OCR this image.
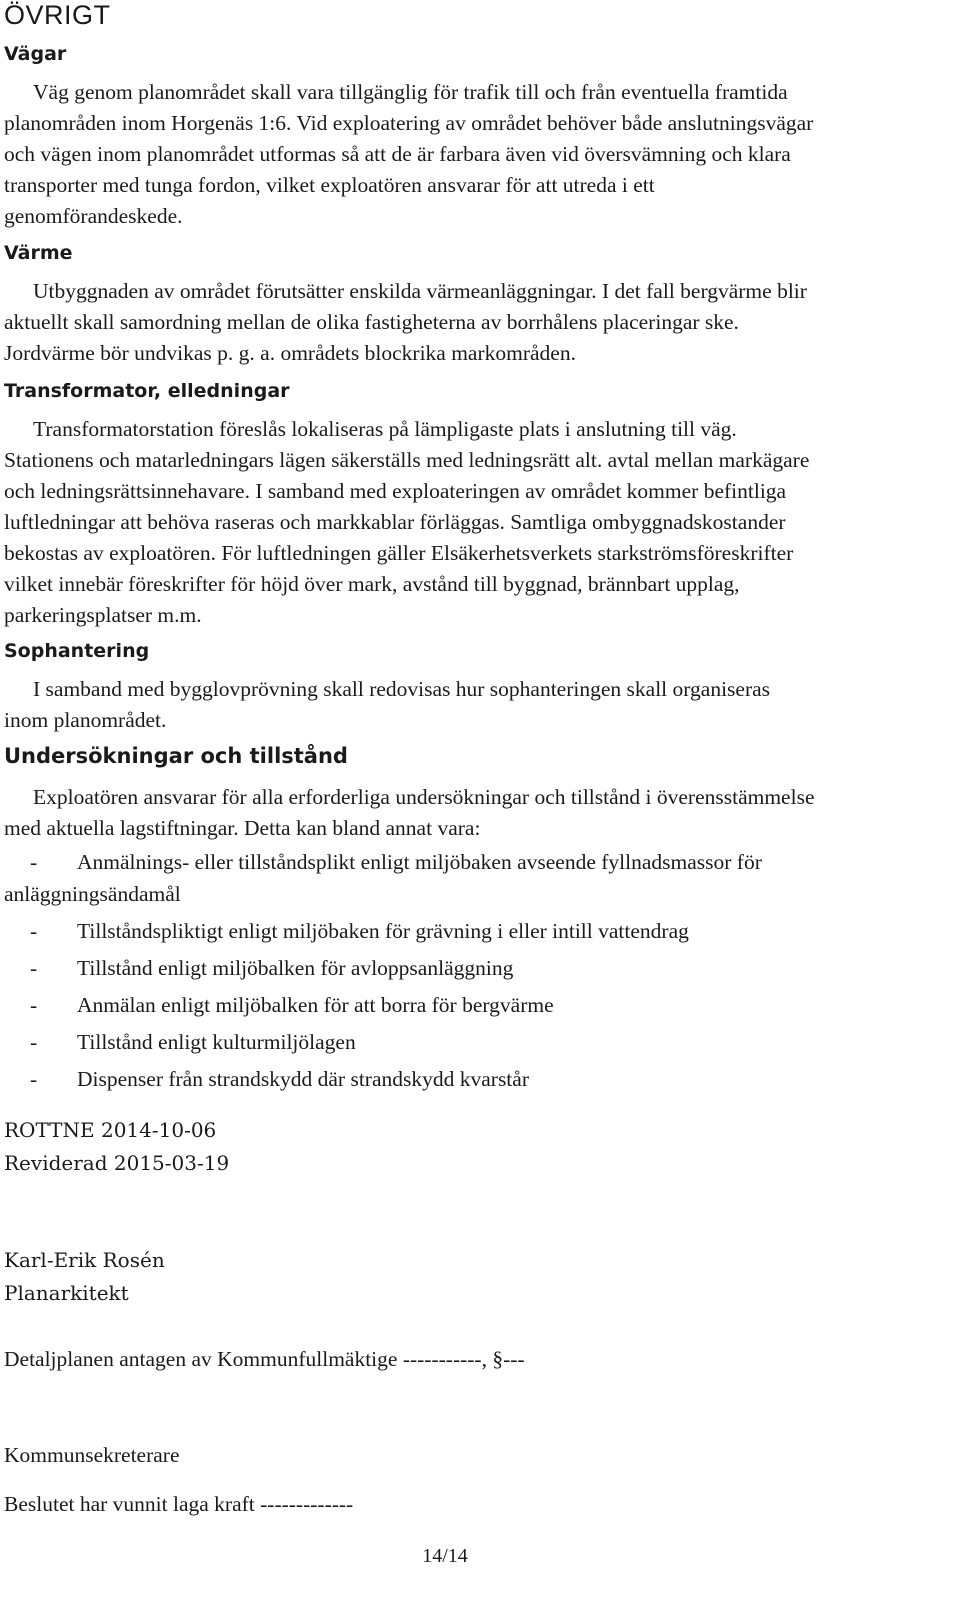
ÖVRIGT
Vägar
Väg genom planområdet skall vara tillgänglig för trafik till och från eventuella framtida
planområden inom Horgenäs 1:6. Vid exploatering av området behöver både anslutningsvägar
och vägen inom planområdet utformas så att de är farbara även vid översvämning och klara
transporter med tunga fordon, vilket exploatören ansvarar för att utreda i ett
genomförandeskede.
Värme
Utbyggnaden av området förutsätter enskilda värmeanläggningar. I det fall bergvärme blir
aktuellt skall samordning mellan de olika fastigheterna av borrhålens placeringar ske.
Jordvärme bör undvikas p. g. a. områdets blockrika markområden.
Transformator, elledningar
Transformatorstation föreslås lokaliseras på lämpligaste plats i anslutning till väg.
Stationens och matarledningars lägen säkerställs med ledningsrätt alt. avtal mellan markägare
och ledningsrättsinnehavare. I samband med exploateringen av området kommer befintliga
luftledningar att behöva raseras och markkablar förläggas. Samtliga ombyggnadskostander
bekostas av exploatören. För luftledningen gäller Elsäkerhetsverkets starkströmsföreskrifter
vilket innebär föreskrifter för höjd över mark, avstånd till byggnad, brännbart upplag,
parkeringsplatser m.m.
Sophantering
I samband med bygglovprövning skall redovisas hur sophanteringen skall organiseras
inom planområdet.
Undersökningar och tillstånd
Exploatören ansvarar för alla erforderliga undersökningar och tillstånd i överensstämmelse
med aktuella lagstiftningar. Detta kan bland annat vara:
- Anmälnings- eller tillståndsplikt enligt miljöbaken avseende fyllnadsmassor för
anläggningsändamål
- Tillståndspliktigt enligt miljöbaken för grävning i eller intill vattendrag
- Tillstånd enligt miljöbalken för avloppsanläggning
- Anmälan enligt miljöbalken för att borra för bergvärme
- Tillstånd enligt kulturmiljölagen
- Dispenser från strandskydd där strandskydd kvarstår
ROTTNE 2014-10-06
Reviderad 2015-03-19
Karl-Erik Rosén
Planarkitekt
Detaljplanen antagen av Kommunfullmäktige -----------, §---
Kommunsekreterare
Beslutet har vunnit laga kraft -------------
14/14
